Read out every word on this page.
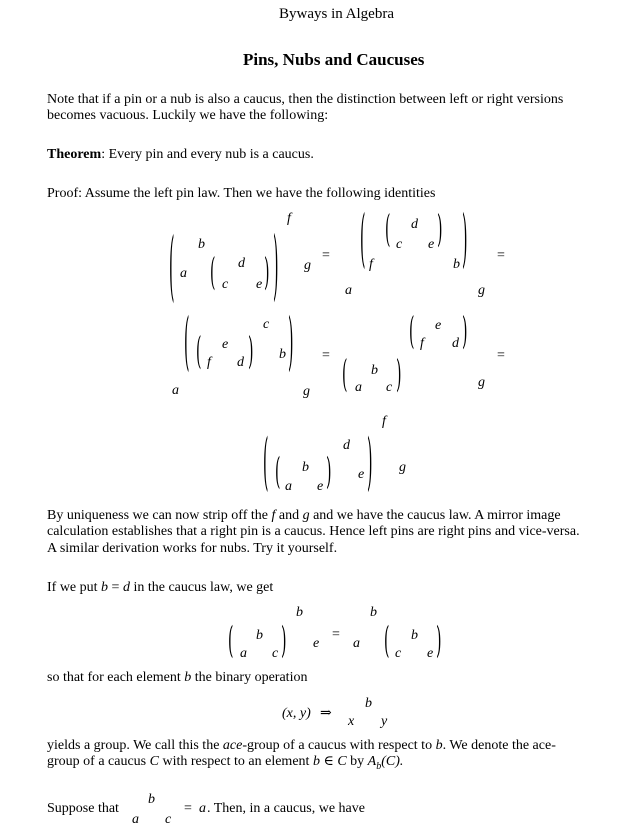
Byways in Algebra
Pins, Nubs and Caucuses
Note that if a pin or a nub is also a caucus, then the distinction between left or right versions
becomes vacuous. Luckily we have the following:
Theorem: Every pin and every nub is a caucus.
Proof: Assume the left pin law. Then we have the following identities
( b
a ( d
c e ) )
f
g
=
a
( f
( d
c e )
b )
g
=
( ( f
e
d )
c
b )
a	g
=
( e
f d )
( b
a c )	g
=
( ( b
a e )
d
e )
f
g
By uniqueness we can now strip off the f and g and we have the caucus law. A mirror image
calculation establishes that a right pin is a caucus. Hence left pins are right pins and vice-versa.
A similar derivation works for nubs. Try it yourself.
If we put b = d in the caucus law, we get
b
( b
a c ) e
=
a
b
( b
c e )
so that for each element b the binary operation
(x, y) ⇒
b
x y
yields a group. We call this the ace-group of a caucus with respect to b. We denote the ace-
group of a caucus C with respect to an element b ∈ C by $A_b(C)$.
Suppose that
b
a c
= a . Then, in a caucus, we have
